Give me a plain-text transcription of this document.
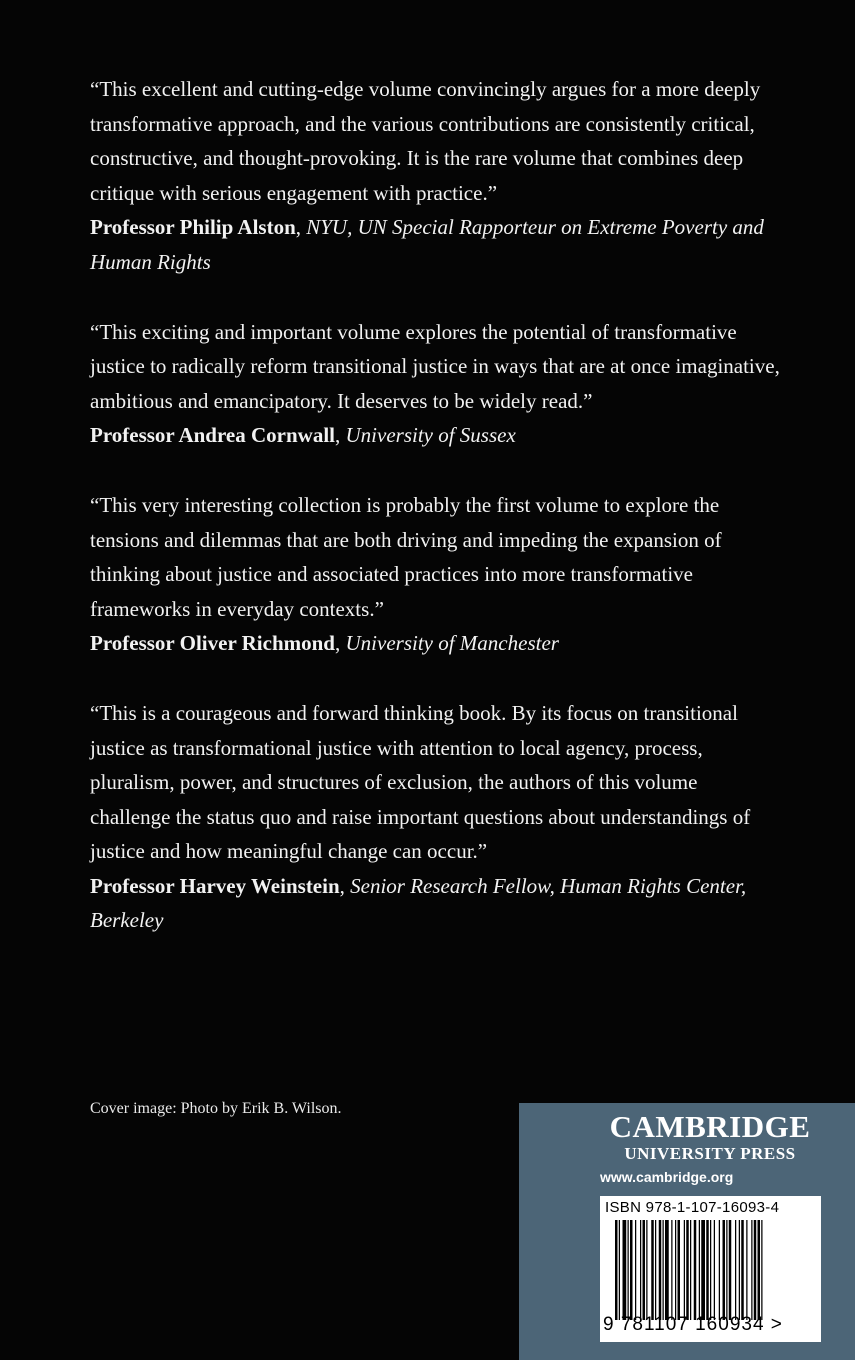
“This excellent and cutting-edge volume convincingly argues for a more deeply transformative approach, and the various contributions are consistently critical, constructive, and thought-provoking. It is the rare volume that combines deep critique with serious engagement with practice.”

Professor Philip Alston, NYU, UN Special Rapporteur on Extreme Poverty and Human Rights

“This exciting and important volume explores the potential of transformative justice to radically reform transitional justice in ways that are at once imaginative, ambitious and emancipatory. It deserves to be widely read.”

Professor Andrea Cornwall, University of Sussex

“This very interesting collection is probably the first volume to explore the tensions and dilemmas that are both driving and impeding the expansion of thinking about justice and associated practices into more transformative frameworks in everyday contexts.”

Professor Oliver Richmond, University of Manchester

“This is a courageous and forward thinking book. By its focus on transitional justice as transformational justice with attention to local agency, process, pluralism, power, and structures of exclusion, the authors of this volume challenge the status quo and raise important questions about understandings of justice and how meaningful change can occur.”

Professor Harvey Weinstein, Senior Research Fellow, Human Rights Center, Berkeley

Cover image: Photo by Erik B. Wilson.
CAMBRIDGE
UNIVERSITY PRESS
www.cambridge.org
ISBN 978-1-107-16093-4
9 781107 160934 >
